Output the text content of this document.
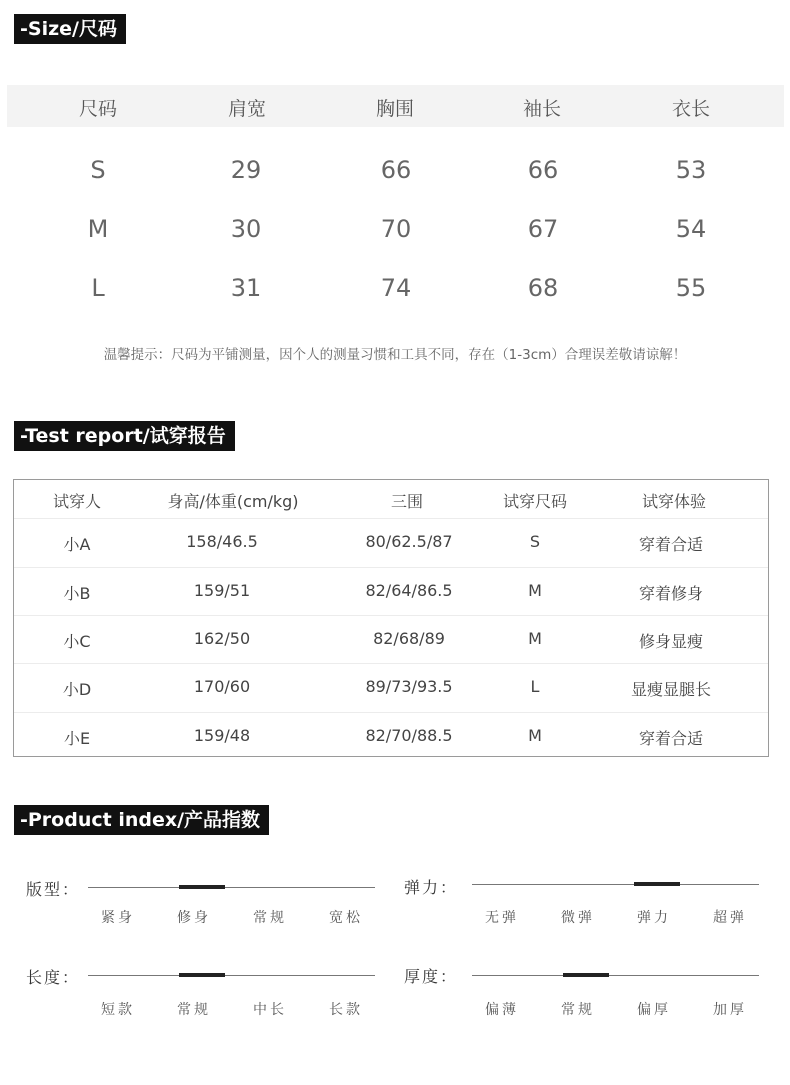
-Size/尺码
尺码	肩宽	胸围	袖长	衣长
S	29	66	66	53
M	30	70	67	54
L	31	74	68	55
温馨提示：尺码为平铺测量，因个人的测量习惯和工具不同，存在（1-3cm）合理误差敬请谅解！
-Test report/试穿报告
试穿人	身高/体重(cm/kg)	三围	试穿尺码	试穿体验
小A	158/46.5	80/62.5/87	S	穿着合适
小B	159/51	82/64/86.5	M	穿着修身
小C	162/50	82/68/89	M	修身显瘦
小D	170/60	89/73/93.5	L	显瘦显腿长
小E	159/48	82/70/88.5	M	穿着合适
-Product index/产品指数
版型：
紧身	修身	常规	宽松
弹力：
无弹	微弹	弹力	超弹
长度：
短款	常规	中长	长款
厚度：
偏薄	常规	偏厚	加厚
